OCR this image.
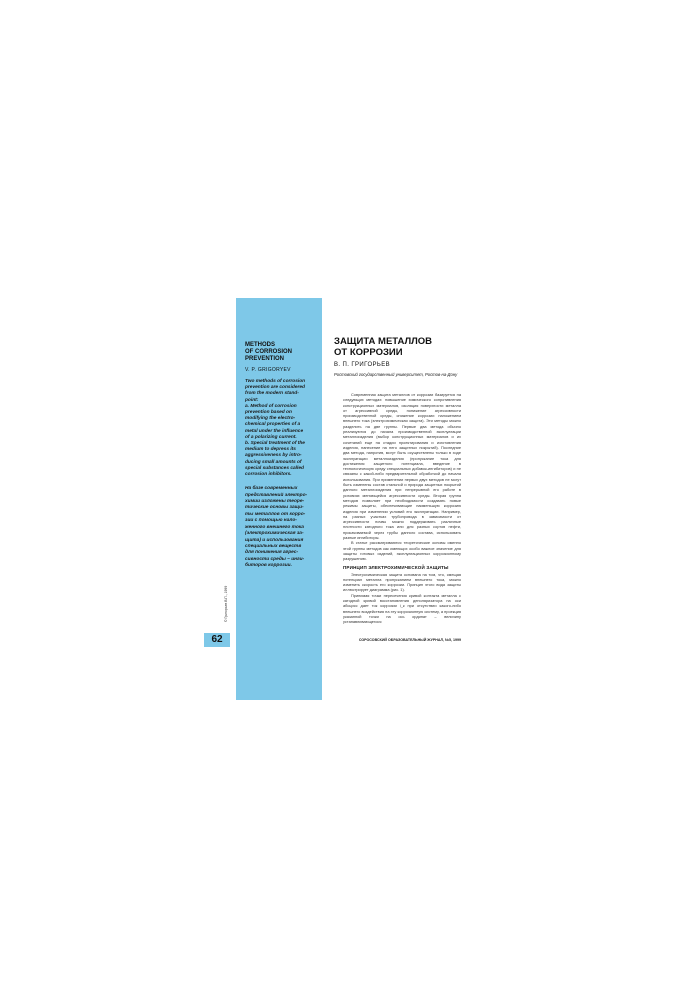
METHODS
OF CORROSION
PREVENTION
V. P. GRIGORYEV
Two methods of corrosion
prevention are considered
from the modern stand-
point:
a. Method of corrosion
prevention based on
modifying the electro-
chemical properties of a
metal under the influence
of a polarizing current.
b. Special treatment of the
medium to depress its
aggressiveness by intro-
ducing small amounts of
special substances called
corrosion inhibitors.
На базе современных
представлений электро-
химии изложены теоре-
тические основы защи-
ты металлов от корро-
зии с помощью нало-
женного внешнего тока
(электрохимическая за-
щита) и использования
специальных веществ
для понижения агрес-
сивности среды – инги-
биторов коррозии.
© Григорьев В.П., 1999
62
ЗАЩИТА МЕТАЛЛОВ
ОТ КОРРОЗИИ
В. П. ГРИГОРЬЕВ
Ростовский государственный университет, Ростов-на-Дону

Современная защита металлов от коррозии базируется на следующих методах: повышение химического сопротивления конструкционных материалов, изоляция поверхности металла от агрессивной среды, понижение агрессивности производственной среды, снижение коррозии наложением внешнего тока (электрохимическая защита). Эти методы можно разделить на две группы. Первые два метода обычно реализуются до начала производственной эксплуатации металлоизделия (выбор конструкционных материалов и их сочетаний еще на стадии проектирования и изготовления изделия, нанесение на него защитных покрытий). Последние два метода, напротив, могут быть осуществлены только в ходе эксплуатации металлоизделия (пропускание тока для достижения защитного потенциала, введение в технологическую среду специальных добавок-ингибиторов) и не связаны с какой-либо предварительной обработкой до начала использования. При применении первых двух методов не могут быть изменены состав стальной и природа защитных покрытий данного металлоизделия при непрерывной его работе в условиях меняющейся агрессивности среды. Вторая группа методов позволяет при необходимости создавать новые режимы защиты, обеспечивающие наименьшую коррозию изделия при изменении условий его эксплуатации. Например, на разных участках трубопровода в зависимости от агрессивности почвы можно поддерживать различные плотности катодного тока или для разных сортов нефти, прокачиваемой через трубы данного состава, использовать разные ингибиторы.

В статье рассматриваются теоретические основы именно этой группы методов как имеющих особо важное значение для защиты готовых изделий, эксплуатационных коррозионному разрушению.

ПРИНЦИП ЭЛЕКТРОХИМИЧЕСКОЙ ЗАЩИТЫ

Электрохимическая защита основана на том, что, смещая потенциал металла пропусканием внешнего тока, можно изменить скорость его коррозии. Принцип этого вида защиты иллюстрирует диаграмма (рис. 1).

Принимая точки пересечения кривой контакта металла с катодной кривой восстановления деполяризатора на оси абсцисс дает ток коррозии i_к при отсутствии какого-либо внешнего воздействия на эту коррозионную систему, а проекция указанной точки на ось ординат – величину устанавливающегося

СОРОСОВСКИЙ ОБРАЗОВАТЕЛЬНЫЙ ЖУРНАЛ, №5, 1999
